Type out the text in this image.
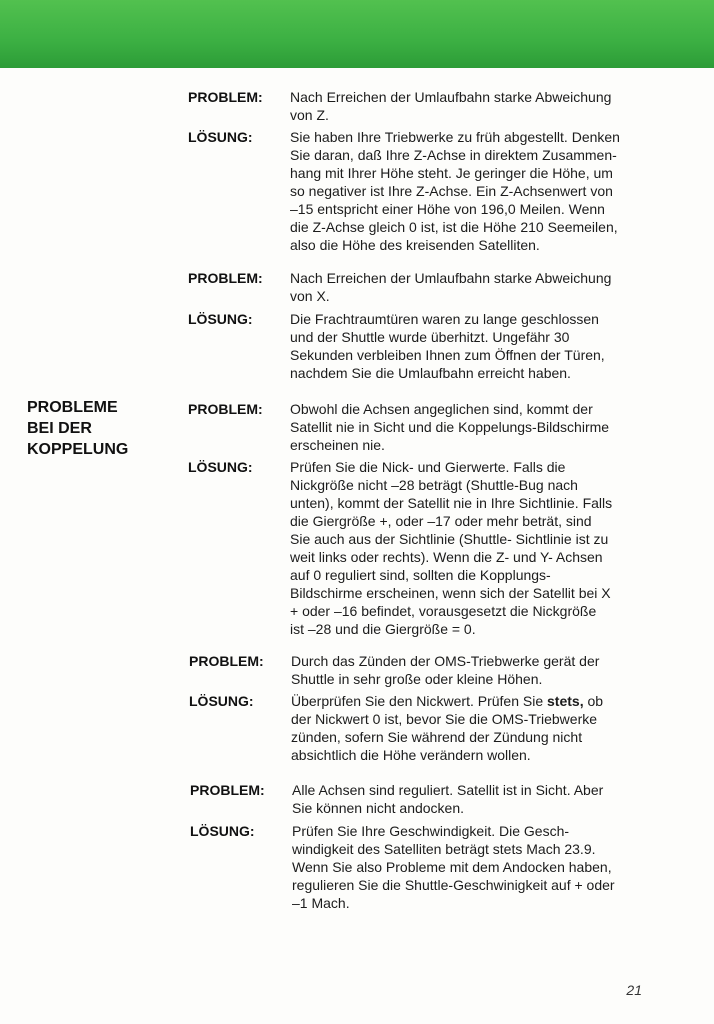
PROBLEME
BEI DER
KOPPELUNG
PROBLEM: Nach Erreichen der Umlaufbahn starke Abweichung
von Z.
LÖSUNG:	Sie haben Ihre Triebwerke zu früh abgestellt. Denken
Sie daran, daß Ihre Z-Achse in direktem Zusammen-
hang mit Ihrer Höhe steht. Je geringer die Höhe, um
so negativer ist Ihre Z-Achse. Ein Z-Achsenwert von
–15 entspricht einer Höhe von 196,0 Meilen. Wenn
die Z-Achse gleich 0 ist, ist die Höhe 210 Seemeilen,
also die Höhe des kreisenden Satelliten.
PROBLEM: Nach Erreichen der Umlaufbahn starke Abweichung
von X.
LÖSUNG:	Die Frachtraumtüren waren zu lange geschlossen
und der Shuttle wurde überhitzt. Ungefähr 30
Sekunden verbleiben Ihnen zum Öffnen der Türen,
nachdem Sie die Umlaufbahn erreicht haben.
PROBLEM: Obwohl die Achsen angeglichen sind, kommt der
Satellit nie in Sicht und die Koppelungs-Bildschirme
erscheinen nie.
LÖSUNG:	Prüfen Sie die Nick- und Gierwerte. Falls die
Nickgröße nicht –28 beträgt (Shuttle-Bug nach
unten), kommt der Satellit nie in Ihre Sichtlinie. Falls
die Giergröße +, oder –17 oder mehr beträt, sind
Sie auch aus der Sichtlinie (Shuttle- Sichtlinie ist zu
weit links oder rechts). Wenn die Z- und Y- Achsen
auf 0 reguliert sind, sollten die Kopplungs-
Bildschirme erscheinen, wenn sich der Satellit bei X
+ oder –16 befindet, vorausgesetzt die Nickgröße
ist –28 und die Giergröße = 0.
PROBLEM: Durch das Zünden der OMS-Triebwerke gerät der
Shuttle in sehr große oder kleine Höhen.
LÖSUNG:	Überprüfen Sie den Nickwert. Prüfen Sie stets, ob
der Nickwert 0 ist, bevor Sie die OMS-Triebwerke
zünden, sofern Sie während der Zündung nicht
absichtlich die Höhe verändern wollen.
PROBLEM: Alle Achsen sind reguliert. Satellit ist in Sicht. Aber
Sie können nicht andocken.
LÖSUNG:	Prüfen Sie Ihre Geschwindigkeit. Die Gesch-
windigkeit des Satelliten beträgt stets Mach 23.9.
Wenn Sie also Probleme mit dem Andocken haben,
regulieren Sie die Shuttle-Geschwinigkeit auf + oder
–1 Mach.
21
